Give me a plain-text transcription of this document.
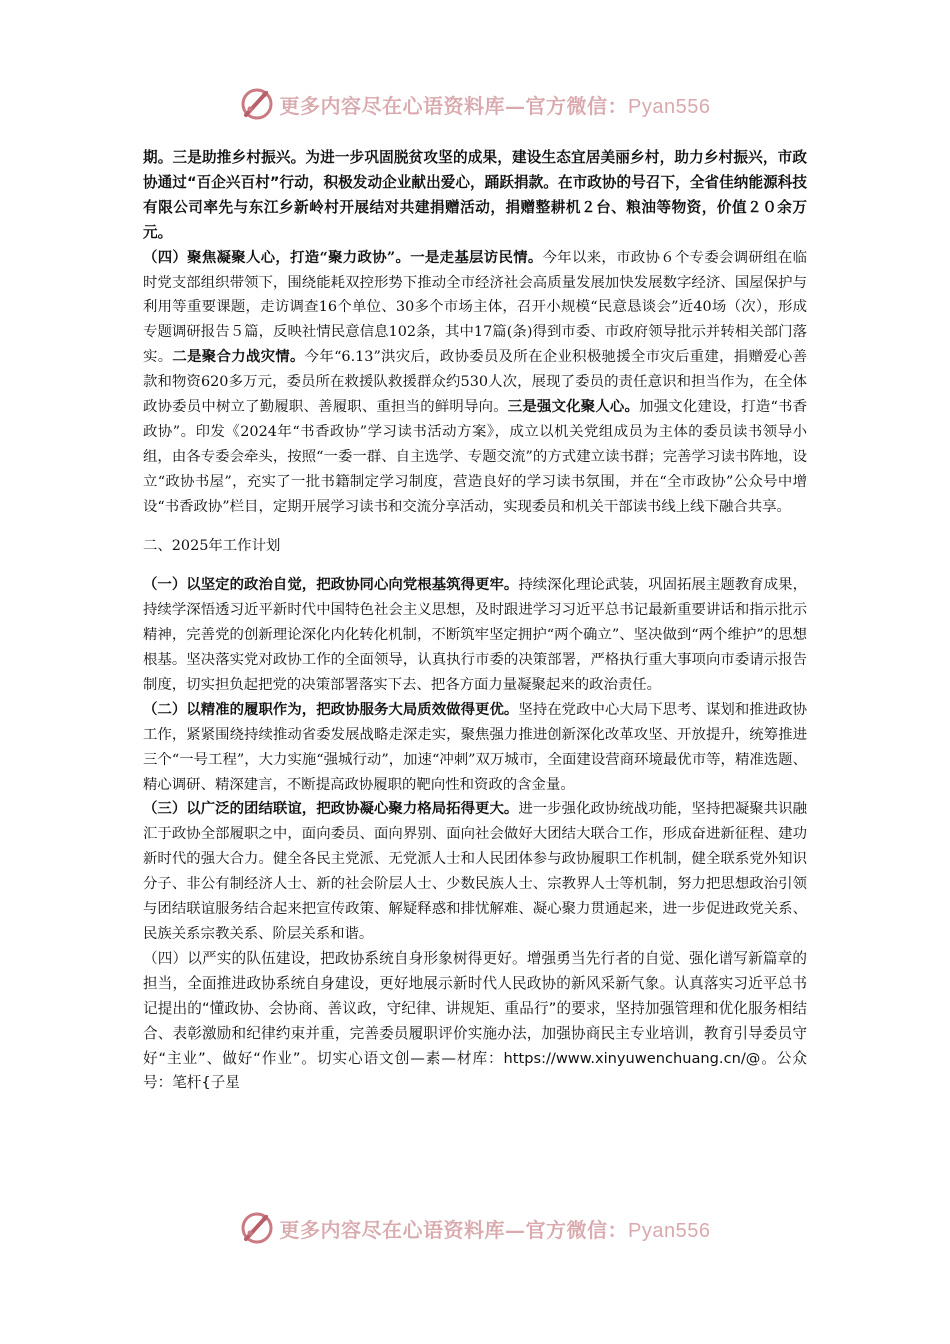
更多内容尽在心语资料库—官方微信：Pyan556

期。三是助推乡村振兴。为进一步巩固脱贫攻坚的成果，建设生态宜居美丽乡村，助力乡村振兴，市政协通过“百企兴百村”行动，积极发动企业献出爱心，踊跃捐款。在市政协的号召下，全省佳纳能源科技有限公司率先与东江乡新岭村开展结对共建捐赠活动，捐赠整耕机２台、粮油等物资，价值２０余万元。

（四）聚焦凝聚人心，打造“聚力政协”。一是走基层访民情。今年以来，市政协６个专委会调研组在临时党支部组织带领下，围绕能耗双控形势下推动全市经济社会高质量发展加快发展数字经济、国屋保护与利用等重要课题，走访调查16个单位、30多个市场主体，召开小规模“民意恳谈会”近40场（次），形成专题调研报告５篇，反映社情民意信息102条，其中17篇(条)得到市委、市政府领导批示并转相关部门落实。二是聚合力战灾情。今年“6.13”洪灾后，政协委员及所在企业积极驰援全市灾后重建，捐赠爱心善款和物资620多万元，委员所在救援队救援群众约530人次，展现了委员的责任意识和担当作为，在全体政协委员中树立了勤履职、善履职、重担当的鲜明导向。三是强文化聚人心。加强文化建设，打造“书香政协”。印发《2024年“书香政协”学习读书活动方案》，成立以机关党组成员为主体的委员读书领导小组，由各专委会牵头，按照“一委一群、自主选学、专题交流”的方式建立读书群；完善学习读书阵地，设立“政协书屋”，充实了一批书籍制定学习制度，营造良好的学习读书氛围，并在“全市政协”公众号中增设“书香政协”栏目，定期开展学习读书和交流分享活动，实现委员和机关干部读书线上线下融合共享。

二、2025年工作计划

（一）以坚定的政治自觉，把政协同心向党根基筑得更牢。持续深化理论武装，巩固拓展主题教育成果，持续学深悟透习近平新时代中国特色社会主义思想，及时跟进学习习近平总书记最新重要讲话和指示批示精神，完善党的创新理论深化内化转化机制，不断筑牢坚定拥护“两个确立”、坚决做到“两个维护”的思想根基。坚决落实党对政协工作的全面领导，认真执行市委的决策部署，严格执行重大事项向市委请示报告制度，切实担负起把党的决策部署落实下去、把各方面力量凝聚起来的政治责任。

（二）以精准的履职作为，把政协服务大局质效做得更优。坚持在党政中心大局下思考、谋划和推进政协工作，紧紧围绕持续推动省委发展战略走深走实，聚焦强力推进创新深化改革攻坚、开放提升，统筹推进三个“一号工程”，大力实施“强城行动”，加速“冲刺”双万城市，全面建设营商环境最优市等，精准选题、精心调研、精深建言，不断提高政协履职的靶向性和资政的含金量。

（三）以广泛的团结联谊，把政协凝心聚力格局拓得更大。进一步强化政协统战功能，坚持把凝聚共识融汇于政协全部履职之中，面向委员、面向界别、面向社会做好大团结大联合工作，形成奋进新征程、建功新时代的强大合力。健全各民主党派、无党派人士和人民团体参与政协履职工作机制，健全联系党外知识分子、非公有制经济人士、新的社会阶层人士、少数民族人士、宗教界人士等机制，努力把思想政治引领与团结联谊服务结合起来把宣传政策、解疑释惑和排忧解难、凝心聚力贯通起来，进一步促进政党关系、民族关系宗教关系、阶层关系和谐。

（四）以严实的队伍建设，把政协系统自身形象树得更好。增强勇当先行者的自觉、强化谱写新篇章的担当，全面推进政协系统自身建设，更好地展示新时代人民政协的新风采新气象。认真落实习近平总书记提出的“懂政协、会协商、善议政，守纪律、讲规矩、重品行”的要求，坚持加强管理和优化服务相结合、表彰激励和纪律约束并重，完善委员履职评价实施办法，加强协商民主专业培训，教育引导委员守好“主业”、做好“作业”。切实心语文创—素—材库：https://www.xinyuwenchuang.cn/@。公众号：笔杆{子星

更多内容尽在心语资料库—官方微信：Pyan556
